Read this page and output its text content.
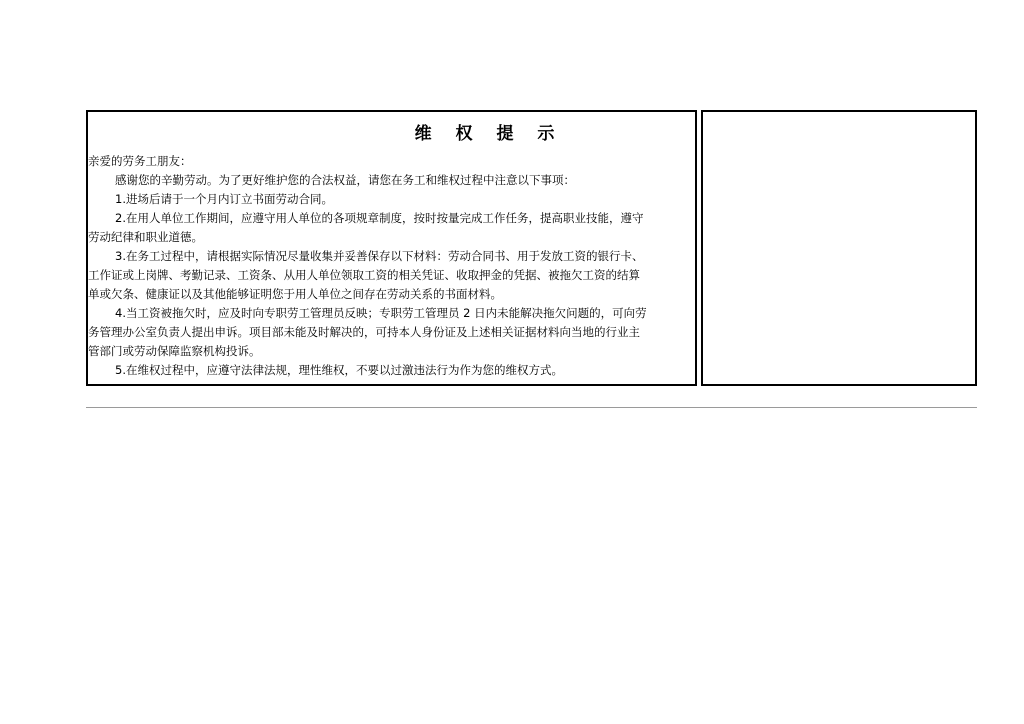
维 权 提 示
亲爱的劳务工朋友：
感谢您的辛勤劳动。为了更好维护您的合法权益，请您在务工和维权过程中注意以下事项：
1.进场后请于一个月内订立书面劳动合同。
2.在用人单位工作期间，应遵守用人单位的各项规章制度，按时按量完成工作任务，提高职业技能，遵守
劳动纪律和职业道德。
3.在务工过程中，请根据实际情况尽量收集并妥善保存以下材料：劳动合同书、用于发放工资的银行卡、
工作证或上岗牌、考勤记录、工资条、从用人单位领取工资的相关凭证、收取押金的凭据、被拖欠工资的结算
单或欠条、健康证以及其他能够证明您于用人单位之间存在劳动关系的书面材料。
4.当工资被拖欠时，应及时向专职劳工管理员反映；专职劳工管理员 2 日内未能解决拖欠问题的，可向劳
务管理办公室负责人提出申诉。项目部未能及时解决的，可持本人身份证及上述相关证据材料向当地的行业主
管部门或劳动保障监察机构投诉。
5.在维权过程中，应遵守法律法规，理性维权，不要以过激违法行为作为您的维权方式。
